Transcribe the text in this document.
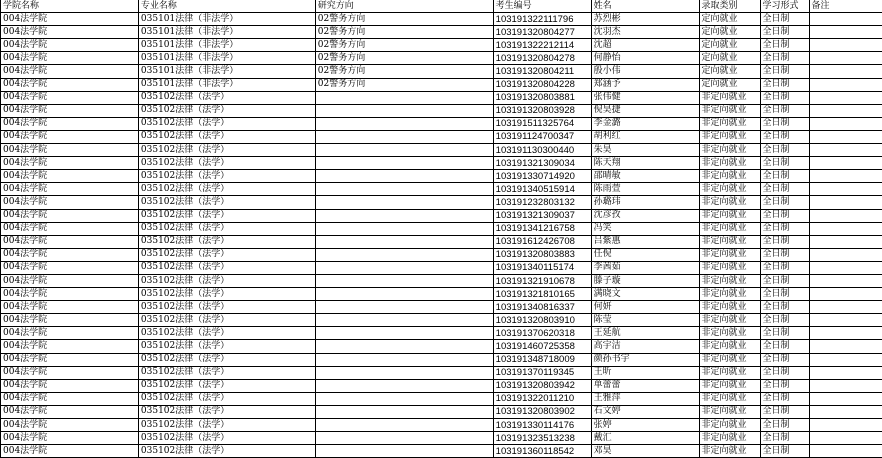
学院名称	专业名称	研究方向	考生编号	姓名	录取类别	学习形式	备注
004法学院	035101法律（非法学）	02警务方向	103191322111796	苏烈彬	定向就业	全日制	
004法学院	035101法律（非法学）	02警务方向	103191320804277	沈羽杰	定向就业	全日制	
004法学院	035101法律（非法学）	02警务方向	103191322212114	沈超	定向就业	全日制	
004法学院	035101法律（非法学）	02警务方向	103191320804278	何静怡	定向就业	全日制	
004法学院	035101法律（非法学）	02警务方向	103191320804211	殷小伟	定向就业	全日制	
004法学院	035101法律（非法学）	02警务方向	103191320804228	郑涵予	定向就业	全日制	
004法学院	035102法律（法学）		103191320803881	张伟健	非定向就业	全日制	
004法学院	035102法律（法学）		103191320803928	倪昊捷	非定向就业	全日制	
004法学院	035102法律（法学）		103191511325764	李金潞	非定向就业	全日制	
004法学院	035102法律（法学）		103191124700347	胡利红	非定向就业	全日制	
004法学院	035102法律（法学）		103191130300440	朱昊	非定向就业	全日制	
004法学院	035102法律（法学）		103191321309034	陈天翔	非定向就业	全日制	
004法学院	035102法律（法学）		103191330714920	邵晴敏	非定向就业	全日制	
004法学院	035102法律（法学）		103191340515914	陈雨萱	非定向就业	全日制	
004法学院	035102法律（法学）		103191232803132	孙璐玮	非定向就业	全日制	
004法学院	035102法律（法学）		103191321309037	沈彦孜	非定向就业	全日制	
004法学院	035102法律（法学）		103191341216758	冯笑	非定向就业	全日制	
004法学院	035102法律（法学）		103191612426708	吕紫惠	非定向就业	全日制	
004法学院	035102法律（法学）		103191320803883	任倪	非定向就业	全日制	
004法学院	035102法律（法学）		103191340115174	李茜茹	非定向就业	全日制	
004法学院	035102法律（法学）		103191321910678	滕子璇	非定向就业	全日制	
004法学院	035102法律（法学）		103191321810165	满晓文	非定向就业	全日制	
004法学院	035102法律（法学）		103191340816337	何妍	非定向就业	全日制	
004法学院	035102法律（法学）		103191320803910	陈莹	非定向就业	全日制	
004法学院	035102法律（法学）		103191370620318	王延航	非定向就业	全日制	
004法学院	035102法律（法学）		103191460725358	高宇洁	非定向就业	全日制	
004法学院	035102法律（法学）		103191348718009	颜孙书宇	非定向就业	全日制	
004法学院	035102法律（法学）		103191370119345	王昕	非定向就业	全日制	
004法学院	035102法律（法学）		103191320803942	单蕾蕾	非定向就业	全日制	
004法学院	035102法律（法学）		103191322011210	王雅萍	非定向就业	全日制	
004法学院	035102法律（法学）		103191320803902	石文婷	非定向就业	全日制	
004法学院	035102法律（法学）		103191330114176	张婷	非定向就业	全日制	
004法学院	035102法律（法学）		103191323513238	戴汇	非定向就业	全日制	
004法学院	035102法律（法学）		103191360118542	邓昊	非定向就业	全日制	
